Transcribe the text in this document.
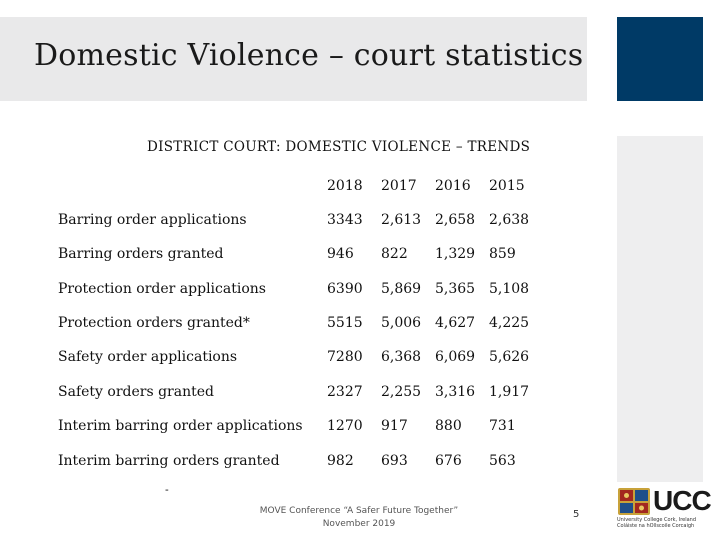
Domestic Violence – court statistics
DISTRICT COURT: DOMESTIC VIOLENCE – TRENDS
2018 2017 2016 2015
Barring order applications	3343 2,613 2,658 2,638
Barring orders granted	946 822 1,329 859
Protection order applications	6390 5,869 5,365 5,108
Protection orders granted*	5515 5,006 4,627 4,225
Safety order applications	7280 6,368 6,069 5,626
Safety orders granted	2327 2,255 3,316 1,917
Interim barring order applications 1270 917 880 731
Interim barring orders granted	982 693 676 563
-
MOVE Conference “A Safer Future Together”
November 2019
5	UCC
University College Cork, Ireland
Coláiste na hOllscoile Corcaigh
